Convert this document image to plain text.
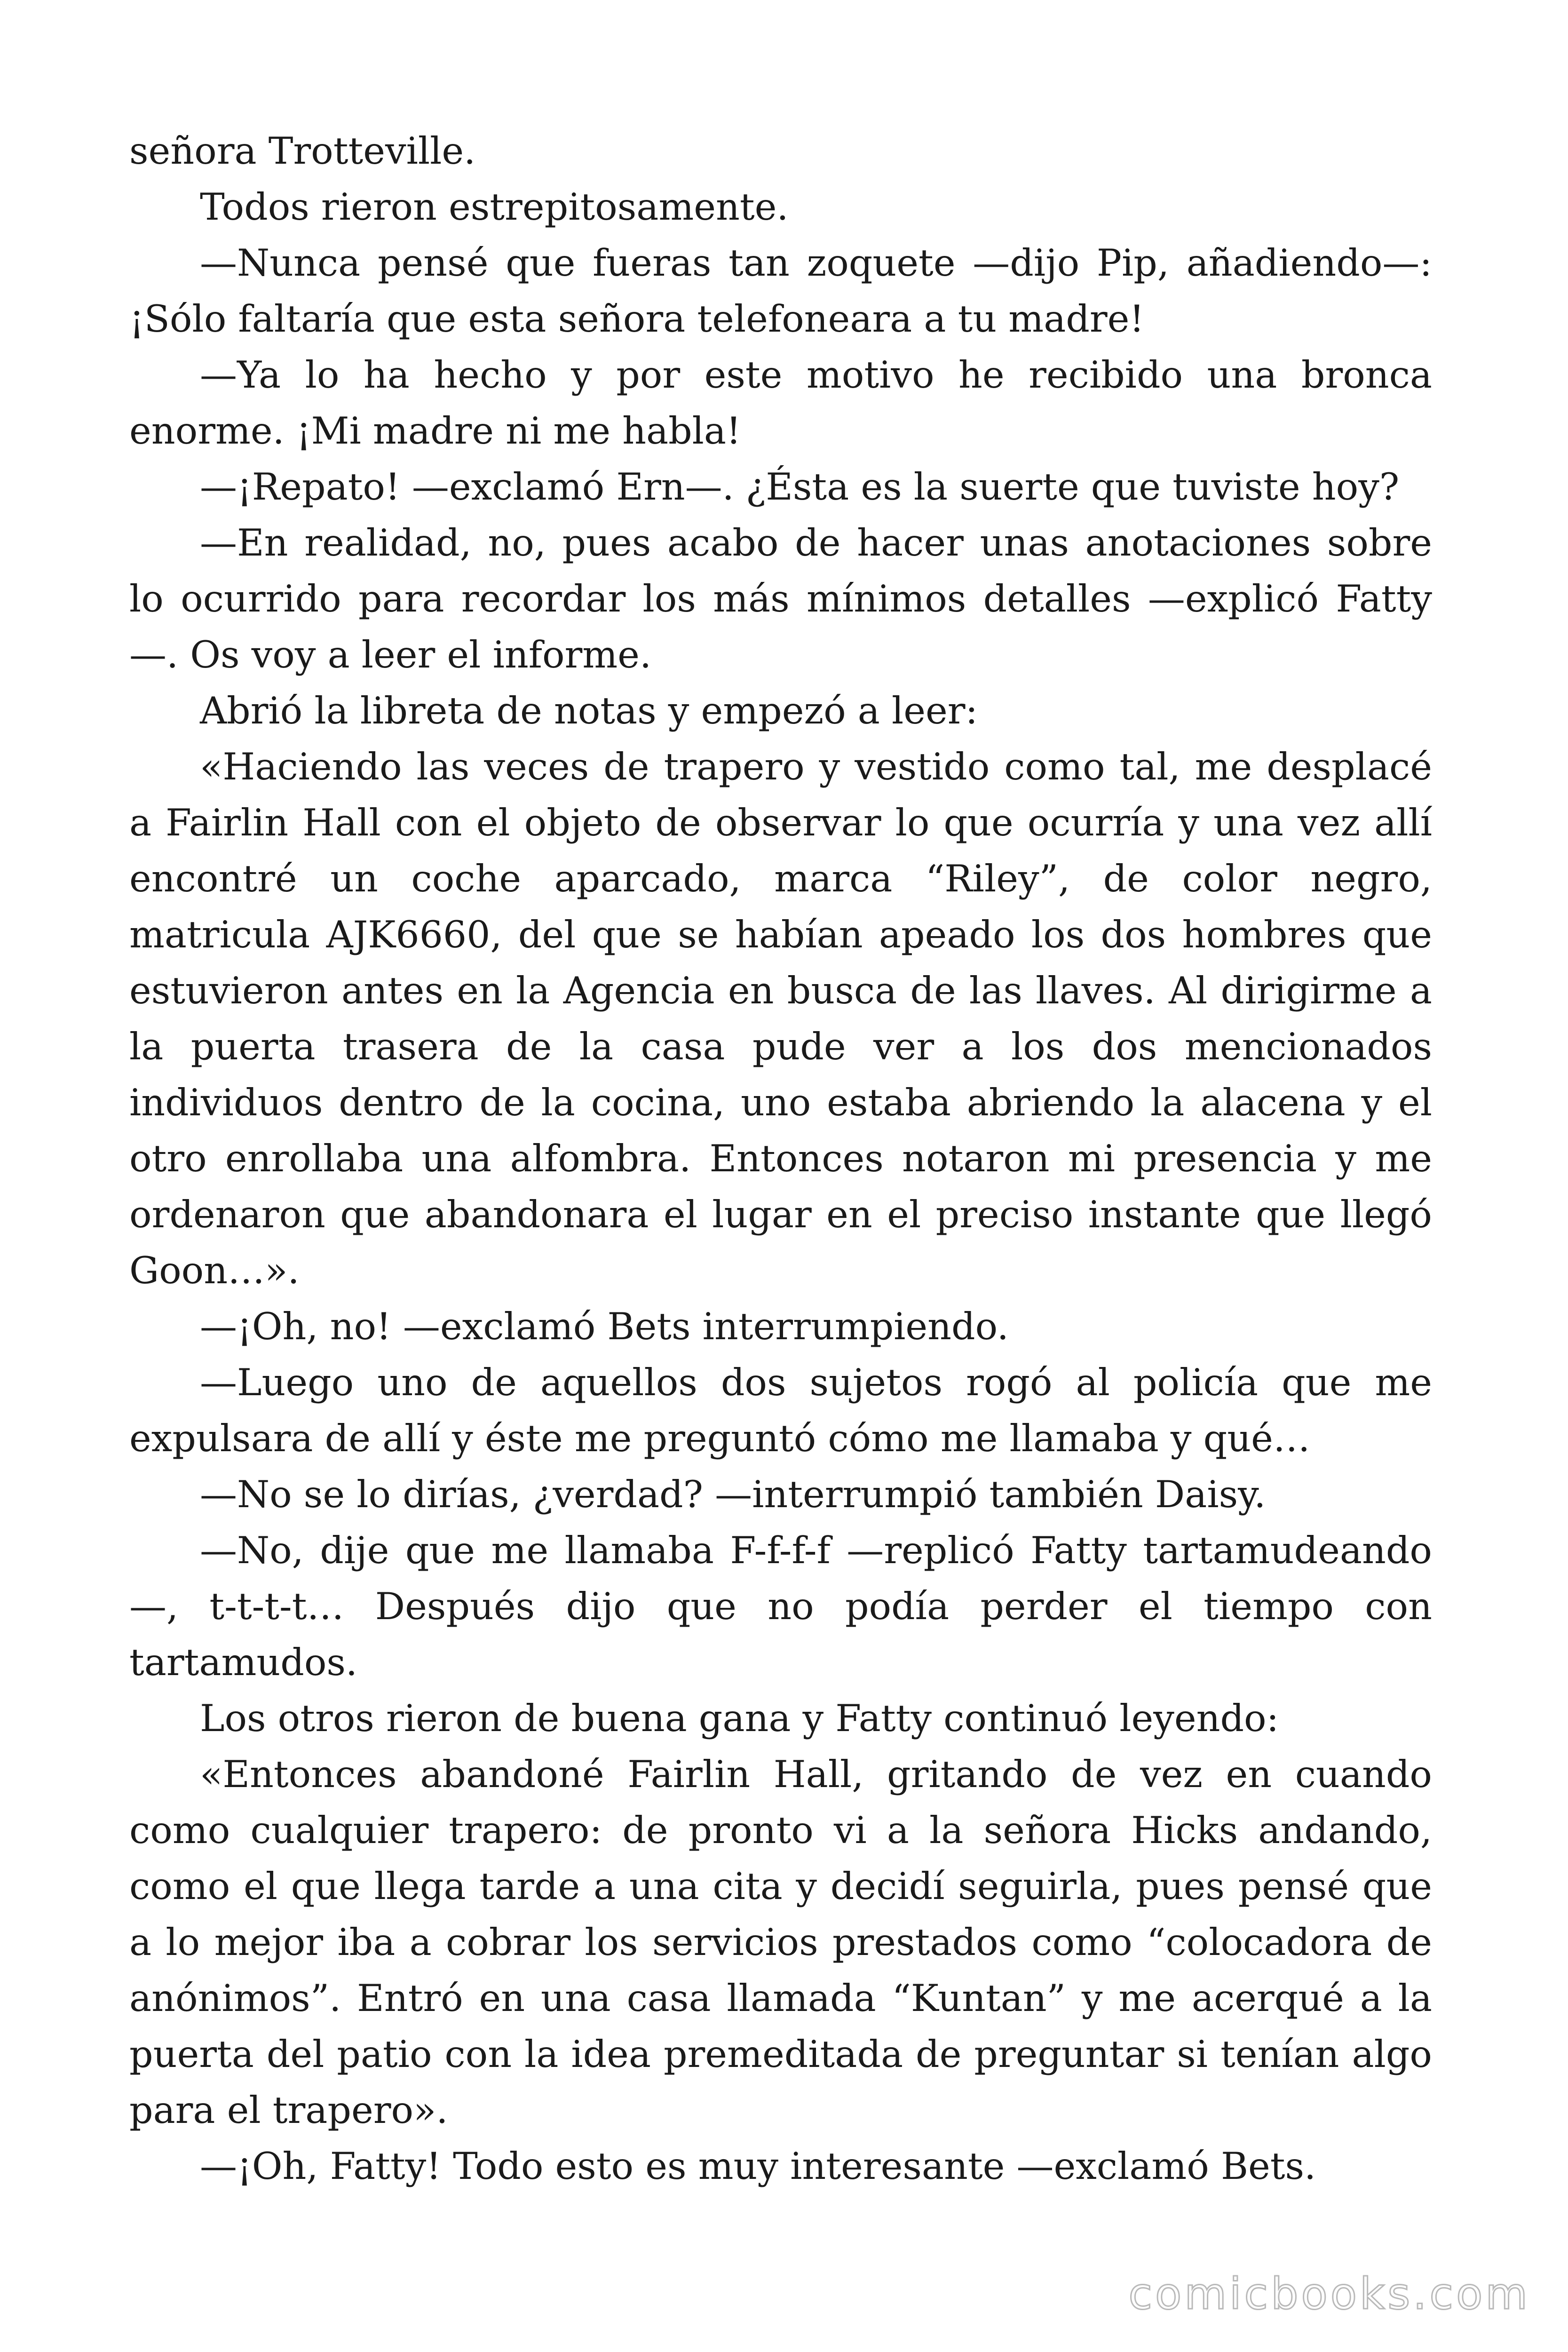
señora Trotteville.

Todos rieron estrepitosamente.

—Nunca pensé que fueras tan zoquete —dijo Pip, añadiendo—: ¡Sólo faltaría que esta señora telefoneara a tu madre!

—Ya lo ha hecho y por este motivo he recibido una bronca enorme. ¡Mi madre ni me habla!

—¡Repato! —exclamó Ern—. ¿Ésta es la suerte que tuviste hoy?

—En realidad, no, pues acabo de hacer unas anotaciones sobre lo ocurrido para recordar los más mínimos detalles —explicó Fatty —. Os voy a leer el informe.

Abrió la libreta de notas y empezó a leer:

«Haciendo las veces de trapero y vestido como tal, me desplacé a Fairlin Hall con el objeto de observar lo que ocurría y una vez allí encontré un coche aparcado, marca “Riley”, de color negro, matricula AJK6660, del que se habían apeado los dos hombres que estuvieron antes en la Agencia en busca de las llaves. Al dirigirme a la puerta trasera de la casa pude ver a los dos mencionados individuos dentro de la cocina, uno estaba abriendo la alacena y el otro enrollaba una alfombra. Entonces notaron mi presencia y me ordenaron que abandonara el lugar en el preciso instante que llegó Goon…».

—¡Oh, no! —exclamó Bets interrumpiendo.

—Luego uno de aquellos dos sujetos rogó al policía que me expulsara de allí y éste me preguntó cómo me llamaba y qué…

—No se lo dirías, ¿verdad? —interrumpió también Daisy.

—No, dije que me llamaba F-f-f-f —replicó Fatty tartamudeando —, t-t-t-t… Después dijo que no podía perder el tiempo con tartamudos.

Los otros rieron de buena gana y Fatty continuó leyendo:

«Entonces abandoné Fairlin Hall, gritando de vez en cuando como cualquier trapero: de pronto vi a la señora Hicks andando, como el que llega tarde a una cita y decidí seguirla, pues pensé que a lo mejor iba a cobrar los servicios prestados como “colocadora de anónimos”. Entró en una casa llamada “Kuntan” y me acerqué a la puerta del patio con la idea premeditada de preguntar si tenían algo para el trapero».

—¡Oh, Fatty! Todo esto es muy interesante —exclamó Bets.

comicbooks.com
